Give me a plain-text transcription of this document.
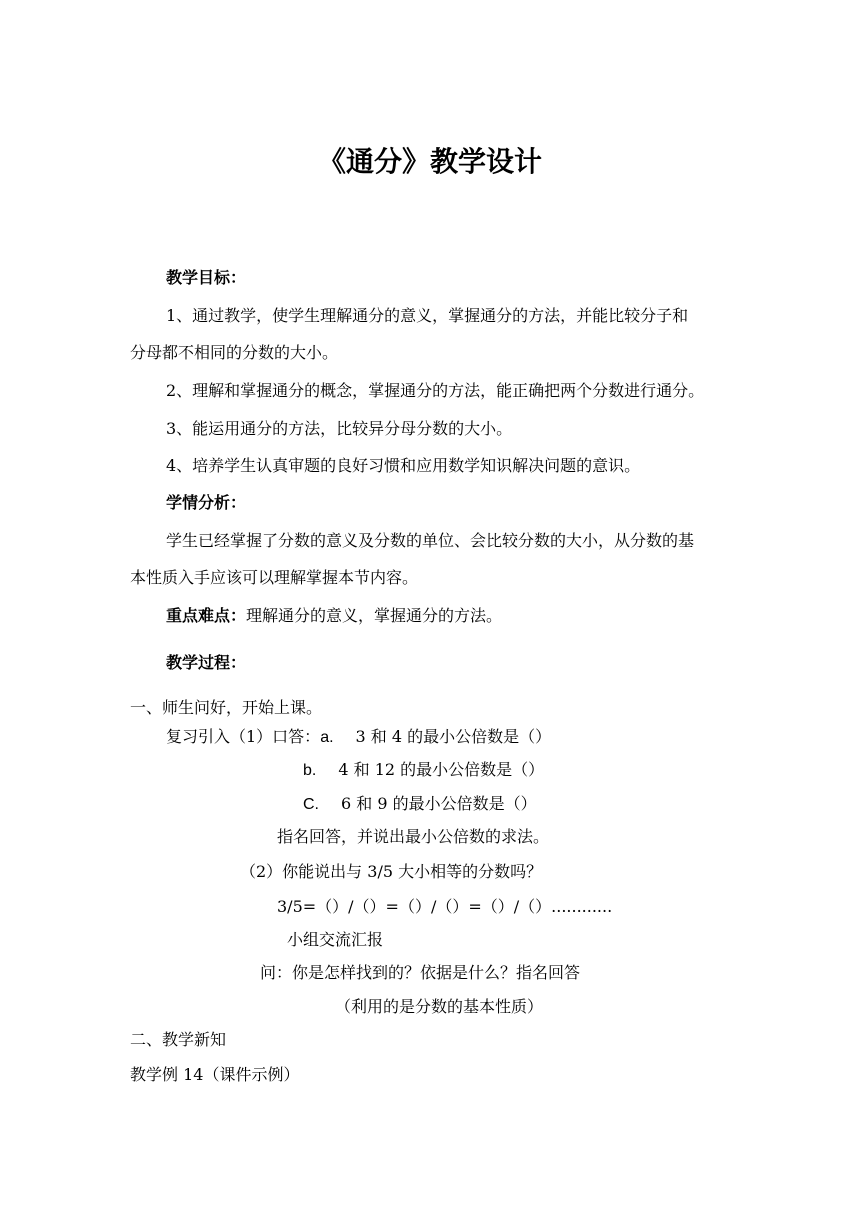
《通分》教学设计
教学目标：
1、通过教学，使学生理解通分的意义，掌握通分的方法，并能比较分子和
分母都不相同的分数的大小。
2、理解和掌握通分的概念，掌握通分的方法，能正确把两个分数进行通分。
3、能运用通分的方法，比较异分母分数的大小。
4、培养学生认真审题的良好习惯和应用数学知识解决问题的意识。
学情分析：
学生已经掌握了分数的意义及分数的单位、会比较分数的大小，从分数的基
本性质入手应该可以理解掌握本节内容。
重点难点：理解通分的意义，掌握通分的方法。
教学过程：
一、师生问好，开始上课。
复习引入（1）口答：a. 3 和 4 的最小公倍数是（）
b. 4 和 12 的最小公倍数是（）
C. 6 和 9 的最小公倍数是（）
指名回答，并说出最小公倍数的求法。
（2）你能说出与 3/5 大小相等的分数吗？
3/5=（）/（）=（）/（）=（）/（）............
小组交流汇报
问：你是怎样找到的？依据是什么？指名回答
（利用的是分数的基本性质）
二、教学新知
教学例 14（课件示例）
